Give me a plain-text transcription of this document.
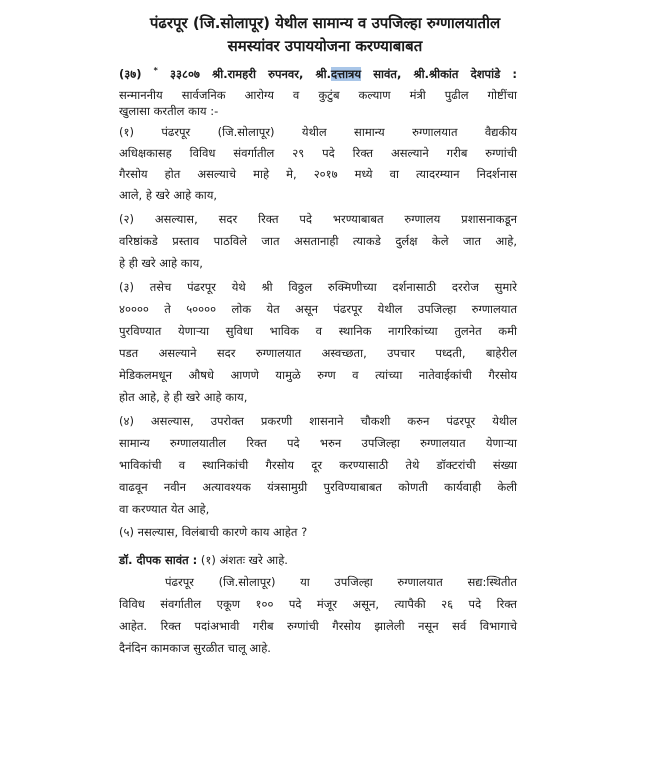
पंढरपूर (जि.सोलापूर) येथील सामान्य व उपजिल्हा रुग्णालयातील
समस्यांवर उपाययोजना करण्याबाबत
(३७) * ३३८०७ श्री.रामहरी रुपनवर, श्री.दत्तात्रय सावंत, श्री.श्रीकांत देशपांडे :
सन्माननीय सार्वजनिक आरोग्य व कुटुंब कल्याण मंत्री पुढील गोष्टींचा
खुलासा करतील काय :-
(१) पंढरपूर (जि.सोलापूर) येथील सामान्य रुग्णालयात वैद्यकीय
अधिक्षकासह विविध संवर्गातील २९ पदे रिक्त असल्याने गरीब रुग्णांची
गैरसोय होत असल्याचे माहे मे, २०१७ मध्ये वा त्यादरम्यान निदर्शनास
आले, हे खरे आहे काय,
(२) असल्यास, सदर रिक्त पदे भरण्याबाबत रुग्णालय प्रशासनाकडून
वरिष्ठांकडे प्रस्ताव पाठविले जात असतानाही त्याकडे दुर्लक्ष केले जात आहे,
हे ही खरे आहे काय,
(३) तसेच पंढरपूर येथे श्री विठ्ठल रुक्मिणीच्या दर्शनासाठी दररोज सुमारे
४०००० ते ५०००० लोक येत असून पंढरपूर येथील उपजिल्हा रुग्णालयात
पुरविण्यात येणाऱ्या सुविधा भाविक व स्थानिक नागरिकांच्या तुलनेत कमी
पडत असल्याने सदर रुग्णालयात अस्वच्छता, उपचार पध्दती, बाहेरील
मेडिकलमधून औषधे आणणे यामुळे रुग्ण व त्यांच्या नातेवाईकांची गैरसोय
होत आहे, हे ही खरे आहे काय,
(४) असल्यास, उपरोक्त प्रकरणी शासनाने चौकशी करुन पंढरपूर येथील
सामान्य रुग्णालयातील रिक्त पदे भरुन उपजिल्हा रुग्णालयात येणाऱ्या
भाविकांची व स्थानिकांची गैरसोय दूर करण्यासाठी तेथे डॉक्टरांची संख्या
वाढवून नवीन अत्यावश्यक यंत्रसामुग्री पुरविण्याबाबत कोणती कार्यवाही केली
वा करण्यात येत आहे,
(५) नसल्यास, विलंबाची कारणे काय आहेत ?
डॉ. दीपक सावंत : (१) अंशतः खरे आहे.
पंढरपूर (जि.सोलापूर) या उपजिल्हा रुग्णालयात सद्य:स्थितीत
विविध संवर्गातील एकूण १०० पदे मंजूर असून, त्यापैकी २६ पदे रिक्त
आहेत. रिक्त पदांअभावी गरीब रुग्णांची गैरसोय झालेली नसून सर्व विभागाचे
दैनंदिन कामकाज सुरळीत चालू आहे.
